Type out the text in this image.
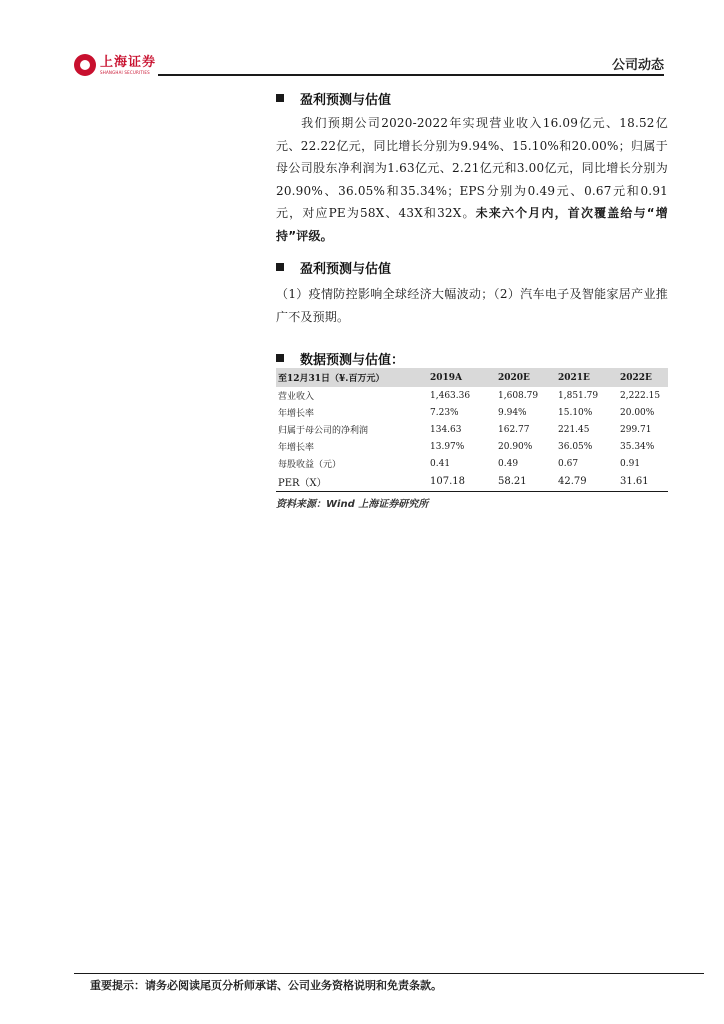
上海证券
SHANGHAI SECURITIES	公司动态
盈利预测与估值

我们预期公司2020-2022年实现营业收入16.09亿元、18.52亿元、22.22亿元，同比增长分别为9.94%、15.10%和20.00%；归属于母公司股东净利润为1.63亿元、2.21亿元和3.00亿元，同比增长分别为20.90%、36.05%和35.34%；EPS分别为0.49元、0.67元和0.91元，对应PE为58X、43X和32X。未来六个月内，首次覆盖给与“增持”评级。

盈利预测与估值

（1）疫情防控影响全球经济大幅波动；（2）汽车电子及智能家居产业推广不及预期。

数据预测与估值：
至12月31日（¥.百万元）	2019A	2020E	2021E	2022E
营业收入	1,463.36	1,608.79	1,851.79	2,222.15
年增长率	7.23%	9.94%	15.10%	20.00%
归属于母公司的净利润	134.63	162.77	221.45	299.71
年增长率	13.97%	20.90%	36.05%	35.34%
每股收益（元）	0.41	0.49	0.67	0.91
PER（X）	107.18	58.21	42.79	31.61
资料来源：Wind 上海证券研究所
重要提示：请务必阅读尾页分析师承诺、公司业务资格说明和免责条款。
